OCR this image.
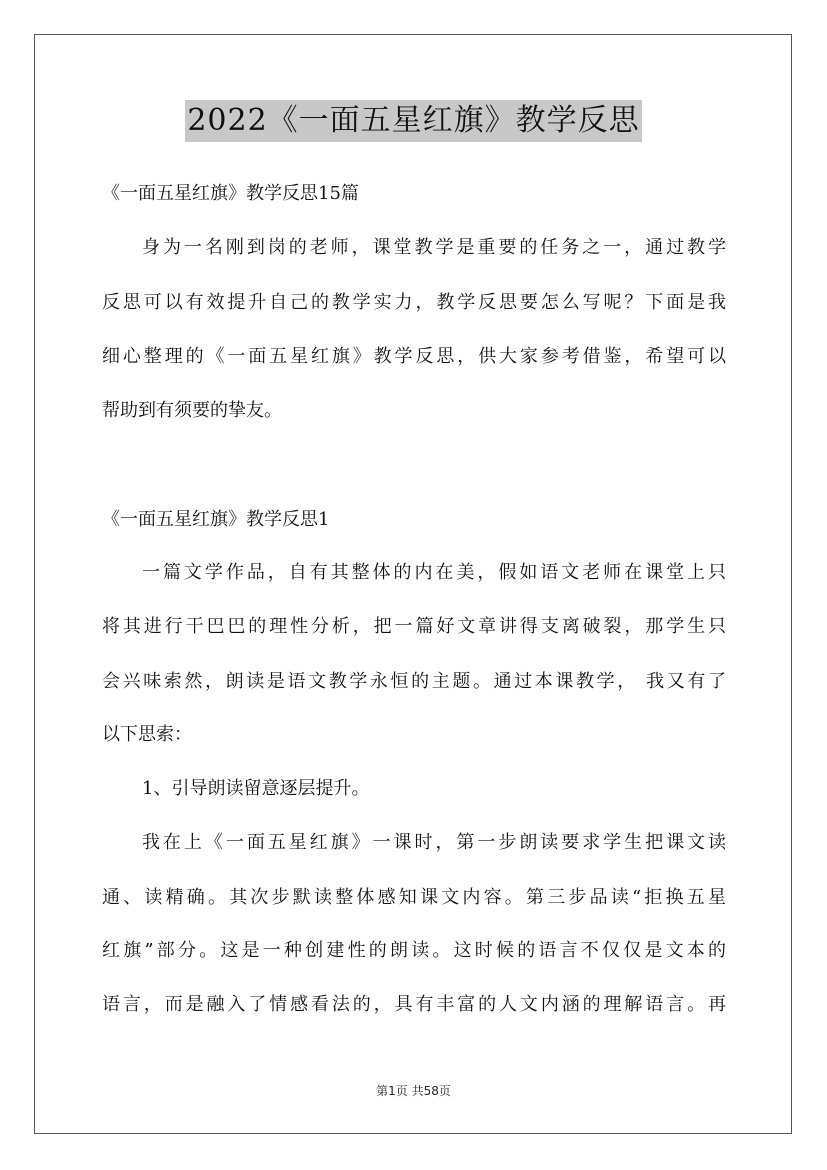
2022《一面五星红旗》教学反思
《一面五星红旗》教学反思15篇
身为一名刚到岗的老师，课堂教学是重要的任务之一，通过教学
反思可以有效提升自己的教学实力，教学反思要怎么写呢？下面是我
细心整理的《一面五星红旗》教学反思，供大家参考借鉴，希望可以
帮助到有须要的挚友。
《一面五星红旗》教学反思1
一篇文学作品，自有其整体的内在美，假如语文老师在课堂上只
将其进行干巴巴的理性分析，把一篇好文章讲得支离破裂，那学生只
会兴味索然，朗读是语文教学永恒的主题。通过本课教学， 我又有了
以下思索：
1、引导朗读留意逐层提升。
我在上《一面五星红旗》一课时，第一步朗读要求学生把课文读
通、读精确。其次步默读整体感知课文内容。第三步品读“拒换五星
红旗”部分。这是一种创建性的朗读。这时候的语言不仅仅是文本的
语言，而是融入了情感看法的，具有丰富的人文内涵的理解语言。再
第1页 共58页
